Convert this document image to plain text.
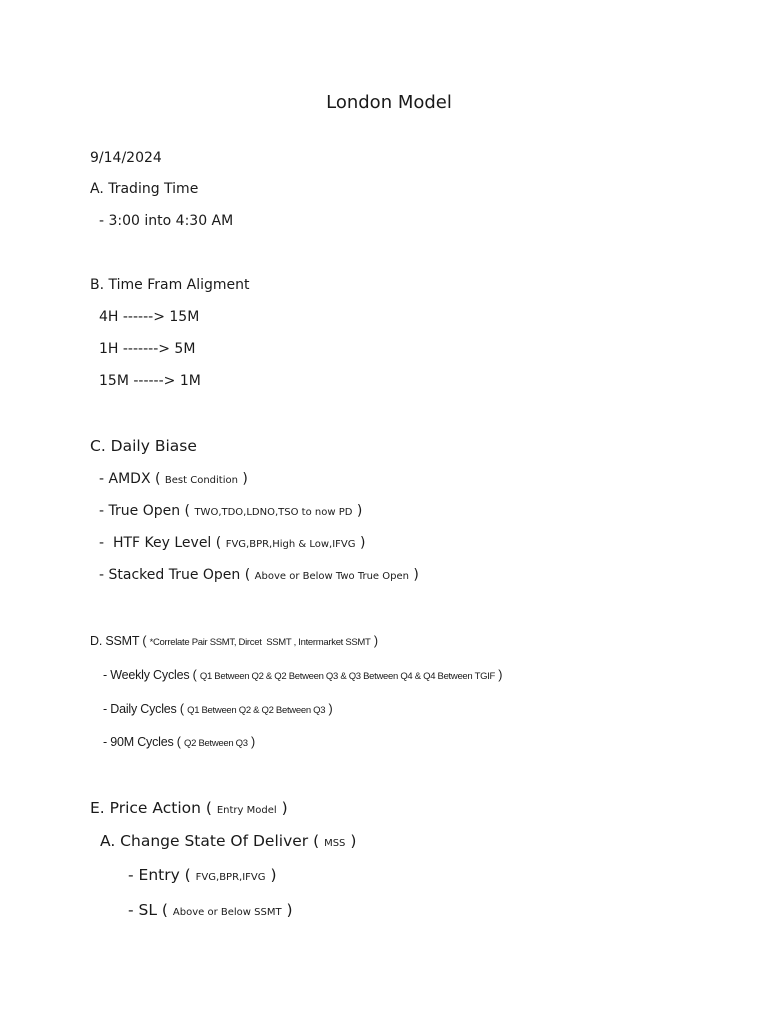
London Model
9/14/2024
A. Trading Time
- 3:00 into 4:30 AM
B. Time Fram Aligment
4H ------> 15M
1H -------> 5M
15M ------> 1M
C. Daily Biase
- AMDX ( Best Condition )
- True Open ( TWO,TDO,LDNO,TSO to now PD )
-  HTF Key Level ( FVG,BPR,High & Low,IFVG )
- Stacked True Open ( Above or Below Two True Open )
D. SSMT ( *Correlate Pair SSMT, Dircet  SSMT , Intermarket SSMT )
- Weekly Cycles ( Q1 Between Q2 & Q2 Between Q3 & Q3 Between Q4 & Q4 Between TGIF )
- Daily Cycles ( Q1 Between Q2 & Q2 Between Q3 )
- 90M Cycles ( Q2 Between Q3 )
E. Price Action ( Entry Model )
A. Change State Of Deliver ( MSS )
- Entry ( FVG,BPR,IFVG )
- SL ( Above or Below SSMT )
